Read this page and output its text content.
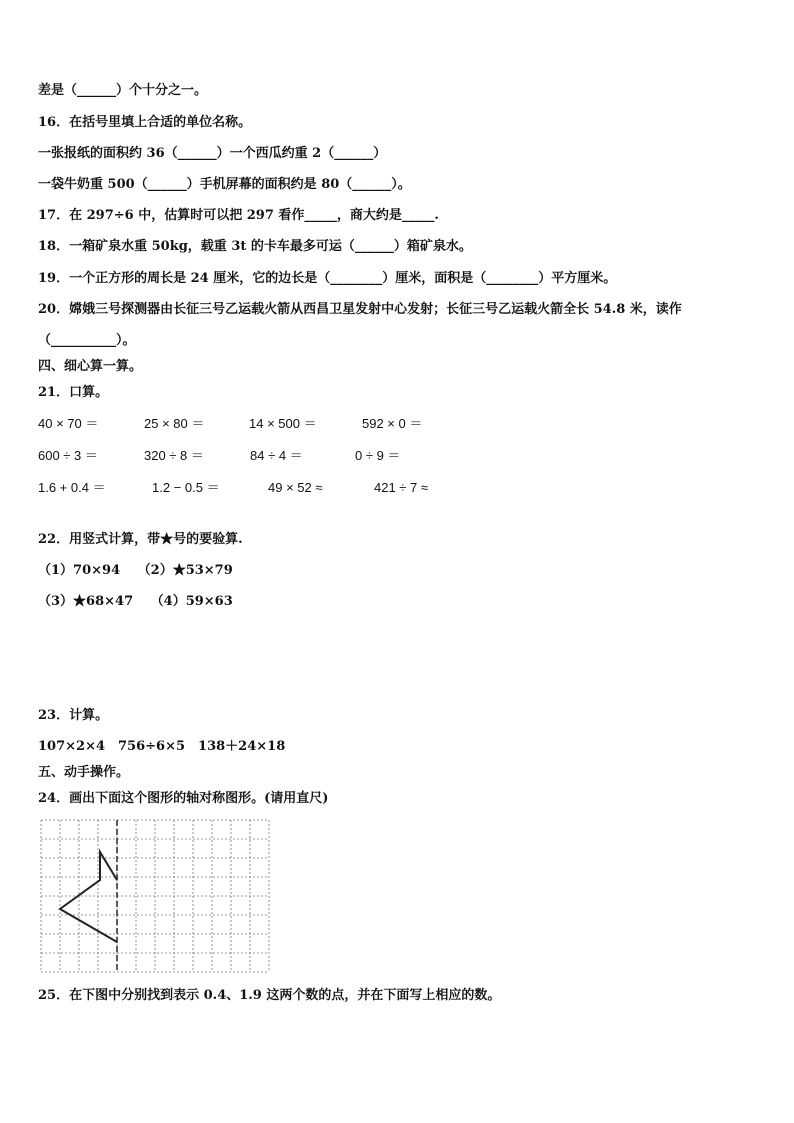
差是（______）个十分之一。
16．在括号里填上合适的单位名称。
一张报纸的面积约 36（______）一个西瓜约重 2（______）
一袋牛奶重 500（______）手机屏幕的面积约是 80（______）。
17．在 297÷6 中，估算时可以把 297 看作_____，商大约是_____.
18．一箱矿泉水重 50kg，载重 3t 的卡车最多可运（______）箱矿泉水。
19．一个正方形的周长是 24 厘米，它的边长是（________）厘米，面积是（________）平方厘米。
20．嫦娥三号探测器由长征三号乙运载火箭从西昌卫星发射中心发射；长征三号乙运载火箭全长 54.8 米，读作
（__________）。
四、细心算一算。
21．口算。
40 × 70 ＝	25 × 80 ＝	14 × 500 ＝	592 × 0 ＝
600 ÷ 3 ＝	320 ÷ 8 ＝	84 ÷ 4 ＝	0 ÷ 9 ＝
1.6 + 0.4 ＝	1.2 − 0.5 ＝	49 × 52 ≈	421 ÷ 7 ≈
22．用竖式计算，带★号的要验算.
（1）70×94　 （2）★53×79
（3）★68×47　 （4）59×63
23．计算。
107×2×4　756÷6×5　138＋24×18
五、动手操作。
24．画出下面这个图形的轴对称图形。(请用直尺)
25．在下图中分别找到表示 0.4、1.9 这两个数的点，并在下面写上相应的数。
